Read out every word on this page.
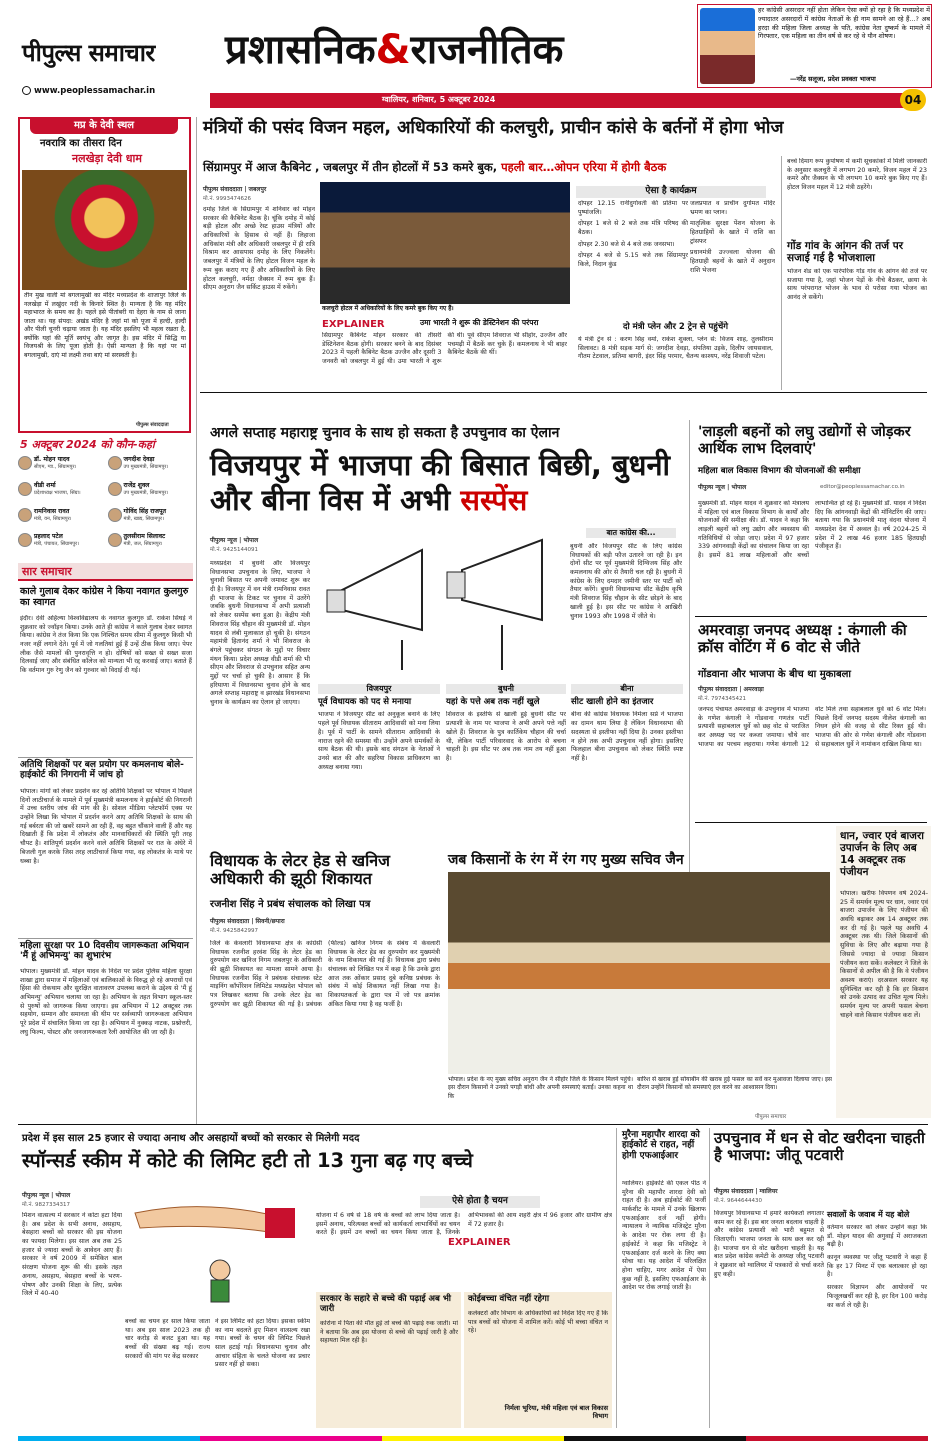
पीपुल्स समाचार
www.peoplessamachar.in
प्रशासनिक&राजनीतिक
ग्वालियर, शनिवार, 5 अक्टूबर 2024	04
हर कांग्रेसी असरदार नहीं होता लेकिन ऐसा क्यों हो रहा है कि मध्यप्रदेश में ज्यादातर असरदारों में कांग्रेस नेताओं के ही नाम सामने आ रहे हैं...? अब हरदा की महिला जिला अध्यक्ष के पति, कांग्रेस नेता दुष्कर्म के मामले में गिरफ्तार, एक महिला का तीन वर्ष से कर रहे थे यौन शोषण।
—नरेंद्र सलूजा, प्रदेश प्रवक्ता भाजपा
मप्र के देवी स्थल
नवरात्रि का तीसरा दिन
नलखेड़ा देवी धाम
तीन मुख वाली मां बगलामुखी का मंदिर मध्यप्रदेश के शाजापुर जिले के नलखेड़ा में लखुंदर नदी के किनारे स्थित है। मान्यता है कि यह मंदिर महाभारत के समय का है। पहले इसे पीतांबरी या देहरा के नाम से जाना जाता था। यह संपदा: अखंड मंदिर है जहां मां को पूजा में हल्दी, हल्दी और पीली चुनरी चढ़ाया जाता है। यह मंदिर इसलिए भी महत्व रखता है, क्योंकि यहां की मूर्ति स्वयंभू और जागृत है। इस मंदिर में सिद्धि या विजयश्री के लिए पूजा होती है। ऐसी मान्यता है कि यहां पर मां बगलामुखी, दाएं मां लक्ष्मी तथा बाएं मां सरस्वती है।
पीपुल्स संवाददाता
5 अक्टूबर 2024 को कौन-कहां
डॉ. मोहन यादव
सीएम, ग्वा., सिंग्रामपुर।
जगदीश देवड़ा
उप मुख्यमंत्री, सिंग्रामपुर।
वीडी शर्मा
प्रदेशाध्यक्ष भाजपा, सिंग्रा।
राजेंद्र शुक्ल
उप मुख्यमंत्री, सिंग्रामपुर।
रामनिवास रावत
मंत्री, वन, सिंग्रामपुर।
गोविंद सिंह राजपूत
मंत्री, खाद्य, सिंग्रामपुर।
प्रहलाद पटेल
मंत्री, पंचायत, सिंग्रामपुर।
तुलसीराम सिलावट
मंत्री, जल, सिंग्रामपुर।
सार समाचार
काले गुलाब देकर कांग्रेस ने किया नवागत कुलगुरु का स्वागत
इंदौर। देवी अहिल्या विश्वविद्यालय के नवागत कुलगुरु डॉ. राकेश सिंघई ने शुक्रवार को ज्वॉइन किया। उनके आते ही कांग्रेस ने काले गुलाब देकर स्वागत किया। कांग्रेस ने तंज किया कि एक निश्चित समय सीमा में कुलगुरु किसी भी नजर नहीं लगाने देते। पूर्व में जो गलतियां हुई हैं उन्हें ठीक किया जाए। पेपर लीक जैसे मामलों की पुनरावृत्ति न हो। दोषियों को सख्त से सख्त सजा दिलवाई जाए और संबंधित कॉलेज को मान्यता भी रद्द करवाई जाए। बताते हैं कि वर्तमान गुरु रेणु जैन को गुरुवार को विदाई दी गई।
अतिथि शिक्षकों पर बल प्रयोग पर कमलनाथ बोले- हाईकोर्ट की निगरानी में जांच हो
भोपाल। मांगों को लेकर प्रदर्शन कर रहे अतिथि शिक्षकों पर भोपाल में पिछले दिनों लाठीचार्ज के मामले में पूर्व मुख्यमंत्री कमलनाथ ने हाईकोर्ट की निगरानी में उच्च स्तरीय जांच की मांग की है। सोशल मीडिया प्लेटफॉर्म एक्स पर उन्होंने लिखा कि भोपाल में प्रदर्शन करने आए अतिथि शिक्षकों के साथ की गई बर्बरता की जो खबरें सामने आ रही हैं, वह बहुत चौंकाने वाली हैं और यह दिखाती हैं कि प्रदेश में लोकतंत्र और मानवाधिकारों की स्थिति पूरी तरह चौपट है। शांतिपूर्ण प्रदर्शन करने वाले अतिथि शिक्षकों पर रात के अंधेरे में बिजली गुल करके जिस तरह लाठीचार्ज किया गया, वह लोकतंत्र के माथे पर धब्बा है।
महिला सुरक्षा पर 10 दिवसीय जागरूकता अभियान 'मैं हूं अभिमन्यु' का शुभारंभ
भोपाल। मुख्यमंत्री डॉ. मोहन यादव के निर्देश पर प्रदेश पुलिस महिला सुरक्षा शाखा द्वारा समाज में महिलाओं एवं बालिकाओं के विरुद्ध हो रहे अपराधों एवं हिंसा की रोकथाम और सुरक्षित वातावरण उपलब्ध कराने के उद्देश्य से 'मैं हूं अभिमन्यु' अभियान चलाया जा रहा है। अभियान के तहत विभाग स्कूल-स्तर से पुरुषों को जागरूक किया जाएगा। इस अभियान में 12 अक्टूबर तक सहयोग, सम्मान और समानता की थीम पर सर्वव्यापी जागरूकता अभियान पूरे प्रदेश में संचालित किया जा रहा है। अभियान में नुक्कड़ नाटक, प्रश्नोत्तरी, लघु फिल्म, पोस्टर और जनजागरूकता रैली आयोजित की जा रही है।
मंत्रियों की पसंद विजन महल, अधिकारियों की कलचुरी, प्राचीन कांसे के बर्तनों में होगा भोज
सिंग्रामपुर में आज कैबिनेट , जबलपुर में तीन होटलों में 53 कमरे बुक, पहली बार…ओपन एरिया में होगी बैठक
पीपुल्स संवाददाता | जबलपुर
मो.नं. 9993474626
दमोह जिले के सिंग्रामपुर में शनिवार को मोहन सरकार की कैबिनेट बैठक है। चूंकि दमोह में कोई बड़ी होटल और अच्छे रेस्ट हाउस मंत्रियों और अधिकारियों के हिसाब से नहीं हैं। लिहाजा अधिकांश मंत्री और अधिकारी जबलपुर में ही रात्रि विश्राम कर आसपास दमोह के लिए निकलेंगे। जबलपुर में मंत्रियों के लिए होटल विजन महल के रूम बुक कराए गए हैं और अधिकारियों के लिए होटल कलचुरी, नर्मदा जैक्सन में रूम बुक हैं। सीएम अनुराग जैन सर्किट हाउस में रुकेंगे।
कलचुरी होटल में अधिकारियों के लिए कमरे बुक किए गए हैं।
EXPLAINER	उमा भारती ने शुरू की डेस्टिनेशन की परंपरा
सिंग्रामपुर कैबिनेट मोहन सरकार की तीसरी डेस्टिनेशन बैठक होगी। सरकार बनने के बाद दिसंबर 2023 में पहली कैबिनेट बैठक उज्जैन और दूसरी 3 जनवरी को जबलपुर में हुई थी। उमा भारती ने शुरू की थी। पूर्व सीएम शिवराज भी सीहोर, उज्जैन और पचमढ़ी में बैठकें कर चुके हैं। कमलनाथ ने भी बाहर कैबिनेट बैठकें की थीं।
ऐसा है कार्यक्रम
दोपहर 12.15 रानीदुर्गावती की प्रतिमा पर पुष्पांजलि।
दोपहर 1 बजे से 2 बजे तक मंत्रि परिषद की बैठक।
दोपहर 2.30 बजे से 4 बजे तक जनसभा।
दोपहर 4 बजे से 5.15 बजे तक सिंग्रामपुर किले, निदान कुंड
जलप्रपात व प्राचीन दुर्गामत मंदिर भ्रमण का प्लान।
मातृत्विक सुरक्षा पेंशन योजना के हितग्राहियों के खाते में राशि का ट्रांसफर
प्रधानमंत्री उज्ज्वला योजना की हितग्राही बहनों के खाते में अनुदान राशि भेजना
दो मंत्री प्लेन और 2 ट्रेन से पहुंचेंगे
ये मंत्री ट्रेन से : करण सिंह वर्मा, राकेश शुक्ला, प्लेन से: विजय शाह, तुलसीराम सिलावट। 8 मंत्री सड़क मार्ग से: जगदीश देवड़ा, संपतिया उइके, दिलीप जायसवाल, गौतम टेटवाल, प्रतिमा बागरी, इंदर सिंह परमार, चैतन्य काश्यप, नरेंद्र शिवाजी पटेल।
बच्चे दिमाग रूप कुपोषण में कमी सूचकांकों में मिली जानकारी के अनुसार कलचुरी में लगभग 20 कमरे, विजन महल में 23 कमरे और जैक्सन के भी लगभग 10 कमरे बुक किए गए हैं। होटल विजन महल में 12 मंत्री ठहरेंगे।
गोंड गांव के आंगन की तर्ज पर सजाई गई है भोजशाला
भोजन शेड को एक पारंपरिक गोंड गांव के आंगन की तर्ज पर सजाया गया है, जहां भोजन पेड़ों के नीचे बैठकर, छाया के साथ परंपरागत भोजन के भाव से परोसा गया भोजन का आनंद ले सकेंगे।
अगले सप्ताह महाराष्ट्र चुनाव के साथ हो सकता है उपचुनाव का ऐलान
विजयपुर में भाजपा की बिसात बिछी, बुधनी और बीना विस में अभी सस्पेंस
पीपुल्स न्यूज | भोपाल
मो.नं. 9425144091
मध्यप्रदेश में बुधनी और विजयपुर विधानसभा उपचुनाव के लिए, भाजपा ने चुनावी बिसात पर अपनी जमावट शुरू कर दी है। विजयपुर में वन मंत्री रामनिवास रावत ही भाजपा के टिकट पर चुनाव में उतरेंगे जबकि बुधनी विधानसभा में अभी प्रत्याशी को लेकर सस्पेंस बना हुआ है। केंद्रीय मंत्री शिवराज सिंह चौहान की मुख्यमंत्री डॉ. मोहन यादव से लंबी मुलाकात हो चुकी है। संगठन महामंत्री हितानंद शर्मा ने भी शिवराज के बंगले पहुंचकर संगठन के मुद्दों पर विचार मंथन किया। प्रदेश अध्यक्ष वीडी शर्मा की भी सीएम और शिवराज से उपचुनाव सहित अन्य मुद्दों पर चर्चा हो चुकी है। आसार हैं कि हरियाणा में विधानसभा चुनाव होने के बाद अगले सप्ताह महाराष्ट्र व झारखंड विधानसभा चुनाव के कार्यक्रम का ऐलान हो जाएगा।
बात कांग्रेस की...
बुधनी और विजयपुर सीट के लिए कांग्रेस विधायकों की बड़ी फौज उतारने जा रही है। इन दोनों सीट पर पूर्व मुख्यमंत्री दिग्विजय सिंह और कमलनाथ की ओर से तैयारी चल रही है। बुधनी में कांग्रेस के लिए दमदार जमीनी स्तर पर पार्टी को तैयार करेंगे। बुधनी विधानसभा सीट केंद्रीय कृषि मंत्री शिवराज सिंह चौहान के सीट छोड़ने के बाद खाली हुई है। इस सीट पर कांग्रेस ने आखिरी चुनाव 1993 और 1998 में जीते थे।
विजयपुर
पूर्व विधायक को पद से मनाया
भाजपा ने विजयपुर सीट को अनुकूल बनाने के लिए पहले पूर्व विधायक सीताराम आदिवासी को मना लिया है। पूर्व में पार्टी के सामने सीताराम आदिवासी के नाराज रहने की समस्या थी। उन्होंने अपने समर्थकों के साथ बैठक की थी। इसके बाद संगठन के नेताओं ने उनसे बात की और सहरिया विकास प्राधिकरण का अध्यक्ष बनाया गया।
बुधनी
यहां के पत्ते अब तक नहीं खुले
शिवराज के इस्तीफे से खाली हुई बुधनी सीट पर प्रत्याशी के नाम पर भाजपा ने अभी अपने पत्ते नहीं खोले हैं। शिवराज के पुत्र कार्तिकेय चौहान की चर्चा थी, लेकिन पार्टी परिवारवाद के आरोप से बचना चाहती है। इस सीट पर अब तक नाम तय नहीं हुआ है।
बीना
सीट खाली होने का इंतजार
बीना की कांग्रेस विधायक निर्मला सप्रे ने भाजपा का दामन थाम लिया है लेकिन विधानसभा की सदस्यता से इस्तीफा नहीं दिया है। उनका इस्तीफा न होने तक अभी उपचुनाव नहीं होगा। इसलिए फिलहाल बीना उपचुनाव को लेकर स्थिति स्पष्ट नहीं है।
'लाड़ली बहनों को लघु उद्योगों से जोड़कर आर्थिक लाभ दिलवाएं'
महिला बाल विकास विभाग की योजनाओं की समीक्षा
पीपुल्स न्यूज | भोपाल	editor@peoplessamachar.co.in
मुख्यमंत्री डॉ. मोहन यादव ने शुक्रवार को मंत्रालय में महिला एवं बाल विकास विभाग के कार्यों और योजनाओं की समीक्षा की। डॉ. यादव ने कहा कि लाड़ली बहनों को लघु उद्योग और व्यवसाय की गतिविधियों से जोड़ा जाए। प्रदेश में 97 हजार 339 आंगनवाड़ी केंद्रों का संचालन किया जा रहा है। इसमें 81 लाख महिलाओं और बच्चों लाभान्वित हो रहे हैं। मुख्यमंत्री डॉ. यादव ने निर्देश दिए कि आंगनवाड़ी केंद्रों की मॉनिटरिंग की जाए। बताया गया कि प्रधानमंत्री मातृ वंदना योजना में मध्यप्रदेश देश में अव्वल है। वर्ष 2024-25 में प्रदेश में 2 लाख 46 हजार 185 हितग्राही पंजीकृत हैं।
अमरवाड़ा जनपद अध्यक्ष : कंगाली की क्रॉस वोटिंग में 6 वोट से जीते
गोंडवाना और भाजपा के बीच था मुकाबला
पीपुल्स संवाददाता | अमरवाड़ा
मो.नं. 7974345421
जनपद पंचायत अमरवाड़ा के उपचुनाव में भाजपा के गणेश कंगाली ने गोंडवाना गणतंत्र पार्टी प्रत्याशी सहाबलाल धुर्वे को छह वोट से पराजित कर अध्यक्ष पद पर कब्जा जमाया। चौथे वार भाजपा का परचम लहराया। गणेश कंगाली 12 वोट मिले तथा सहाबलाल धुर्वे को 6 वोट मिले। पिछले दिनों जनपद सदस्य नीलेश कंगाली का निधन होने की वजह से सीट रिक्त हुई थी। भाजपा की ओर से गणेश कंगाली और गोंडवाना से सहाबलाल धुर्वे ने नामांकन दाखिल किया था।
विधायक के लेटर हेड से खनिज अधिकारी की झूठी शिकायत
रजनीश सिंह ने प्रबंध संचालक को लिखा पत्र
पीपुल्स संवाददाता | सिवनी/छपारा
मो.नं. 9425842997
जिले के केवलारी विधानसभा क्षेत्र के कांग्रेसी विधायक रजनीश हरवंश सिंह के लेटर हेड का दुरुपयोग कर खनिज निगम जबलपुर के अधिकारी की झूठी शिकायत का मामला सामने आया है। विधायक रजनीश सिंह ने प्रबंधक संचालक स्टेट माइनिंग कॉर्पोरेशन लिमिटेड मध्यप्रदेश भोपाल को पत्र लिखकर बताया कि उनके लेटर हेड का दुरुपयोग कर झूठी शिकायत की गई है। प्रबंधक (फील्ड) खनिज निगम के संबंध में केवलारी विधायक के लेटर हेड का दुरुपयोग कर मुख्यमंत्री के नाम शिकायत की गई है। विधायक द्वारा प्रबंध संचालक को लिखित पत्र में कहा है कि उनके द्वारा आज तक ओंकार प्रसाद दुबे कनिष्ठ प्रबंधक के संबंध में कोई शिकायत नहीं लिखा गया है। शिकायतकर्ता के द्वारा पत्र में जो पत्र क्रमांक अंकित किया गया है वह फर्जी है।
जब किसानों के रंग में रंग गए मुख्य सचिव जैन
भोपाल। प्रदेश के नए मुख्य सचिव अनुराग जैन ने सीहोर जिले के किसान मिलने पहुंचे। इस दौरान किसानों ने उनको पगड़ी बांधी और अपनी समस्याएं बताईं। उनका कहना था कि
बारिश से खराब हुई सोयाबीन की खराब हुई फसल का सर्वे कर मुआवजा दिलाया जाए। इस दौरान उन्होंने किसानों को समस्याएं हल करने का आश्वासन दिया।
पीपुल्स समाचार
धान, ज्वार एवं बाजरा उपार्जन के लिए अब 14 अक्टूबर तक पंजीयन
भोपाल। खरीफ विपणन वर्ष 2024-25 में समर्थन मूल्य पर धान, ज्वार एवं बाजरा उपार्जन के लिए पंजीयन की अवधि बढ़ाकर अब 14 अक्टूबर तक कर दी गई है। पहले यह अवधि 4 अक्टूबर तक थी। जिले किसानों की सुविधा के लिए और बढ़ाया गया है जिससे ज्यादा से ज्यादा किसान पंजीयन करा सकें। कलेक्टर ने जिले के किसानों से अपील की है कि वे पंजीयन अवश्य कराएं। दरअसल सरकार यह सुनिश्चित कर रही है कि हर किसान को उनके उत्पाद का उचित मूल्य मिले। समर्थन मूल्य पर अपनी फसल बेचना चाहने वाले किसान पंजीयन करा लें।
प्रदेश में इस साल 25 हजार से ज्यादा अनाथ और असहायों बच्चों को सरकार से मिलेगी मदद
स्पॉन्सर्ड स्कीम में कोटे की लिमिट हटी तो 13 गुना बढ़ गए बच्चे
पीपुल्स न्यूज | भोपाल
मो.नं. 9827334317
मिशन वात्सल्य में सरकार ने कोटा हटा दिया है। अब प्रदेश के सभी अनाथ, असहाय, बेसहारा बच्चों को सरकार की इस योजना का फायदा मिलेगा। इस साल अब तक 25 हजार से ज्यादा बच्चों के आवेदन आए हैं। सरकार ने वर्ष 2009 में समेकित बाल संरक्षण योजना शुरू की थी। इसके तहत अनाथ, असहाय, बेसहारा बच्चों के भरण-पोषण और उनकी शिक्षा के लिए, प्रत्येक जिले में 40-40
बच्चों का चयन हर साल किया जाता था। अब इस साल 2023 तक ही चार करोड़ से बजट हुआ था। यह बच्चों की संख्या बढ़ गई। राज्य सरकारों की मांग पर केंद्र सरकार
ने इस लिमिट को हटा दिया। इसका स्कीम का नाम बदलते हुए मिशन वात्सल्य रखा गया। बच्चों के चयन की लिमिट पिछले साल हटाई गई। विधानसभा चुनाव और आचार संहिता के चलते योजना का प्रचार प्रसार नहीं हो सका।
ऐसे होता है चयन
EXPLAINER
योजना में 6 वर्ष से 18 वर्ष के बच्चों को लाभ दिया जाता है। इसमें अनाथ, परित्यक्त बच्चों को कार्यकर्ता लाभार्थियों का चयन करते हैं। इसमें उन बच्चों का चयन किया जाता है, जिनके अभिभावकों की आय शहरी क्षेत्र में 96 हजार और ग्रामीण क्षेत्र में 72 हजार है।
सरकार के सहारे से बच्चे की पढ़ाई अब भी जारी
कोरोना में पिता की मौत हुई तो बच्चे की पढ़ाई रुक जाती। मां ने बताया कि अब इस योजना से बच्चे की पढ़ाई जारी है और सहायता मिल रही है।
कोईबच्चा वंचित नहीं रहेगा
कलेक्टरों और विभाग के अधिकारियों को निर्देश दिए गए हैं कि पात्र बच्चों को योजना में शामिल करें। कोई भी बच्चा वंचित न रहे।
निर्मला भूरिया, मंत्री महिला एवं बाल विकास विभाग
मुरैना महापौर शारदा को हाईकोर्ट से राहत, नहीं होगी एफआईआर
ग्वालियर। हाईकोर्ट की एकल पीठ ने मुरैना की महापौर शारदा देवी को राहत दी है। अब हाईकोर्ट की फर्जी मार्कशीट के मामले में उनके खिलाफ एफआईआर दर्ज नहीं होगी। न्यायालय ने न्यायिक मजिस्ट्रेट मुरैना के आदेश पर रोक लगा दी है। हाईकोर्ट ने कहा कि मजिस्ट्रेट ने एफआईआर दर्ज करने के लिए क्या सोचा था। यह आदेश में परिलक्षित होना चाहिए, मगर आदेश में ऐसा कुछ नहीं है, इसलिए एफआईआर के आदेश पर रोक लगाई जाती है।
उपचुनाव में धन से वोट खरीदना चाहती है भाजपा: जीतू पटवारी
पीपुल्स संवाददाता | ग्वालियर
मो.नं. 9644644430
विजयपुर विधानसभा में हमारे कार्यकर्ता लगातार काम कर रहे हैं। इस बार जनता बदलाव चाहती है और कांग्रेस प्रत्याशी को भारी बहुमत से जिताएगी। भाजपा जनता के साथ छल कर रही है। भाजपा धन से वोट खरीदना चाहती है। यह बात प्रदेश कांग्रेस कमेटी के अध्यक्ष जीतू पटवारी ने शुक्रवार को ग्वालियर में पत्रकारों से चर्चा करते हुए कही।
सवालों के जवाब में यह बोले
वर्तमान सरकार को लेकर उन्होंने कहा कि डॉ. मोहन यादव की अगुवाई में अराजकता बढ़ी है।
कानून व्यवस्था पर जीतू पटवारी ने कहा हैं कि हर 17 मिनट में एक बलात्कार हो रहा है।
सरकार विज्ञापन और आयोजनों पर फिजूलखर्ची कर रही है, हर दिन 100 करोड़ का कर्ज ले रही है।
